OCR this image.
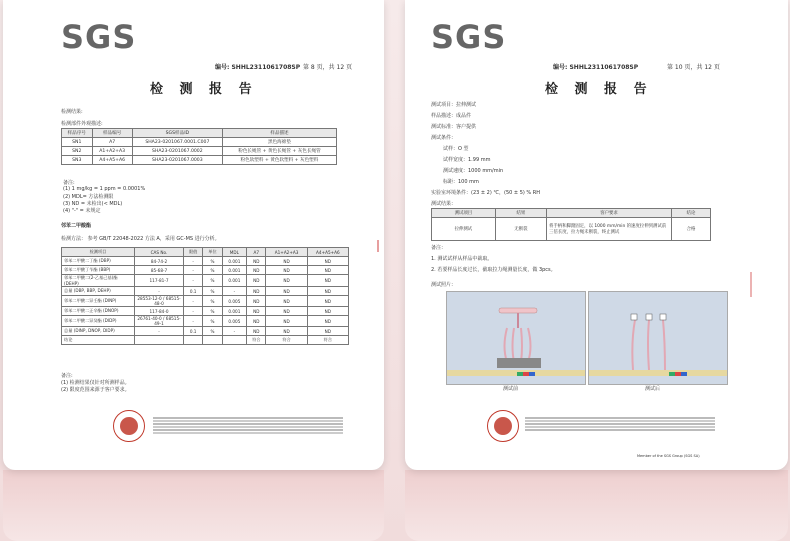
SGS
编号: SHHL2311061708SP 第 8 页，共 12 页
检 测 报 告
检测结果:
检测部件外观描述:
样品序号	样品编号	SGS样品ID	样品描述
SN1	A7	SHA23-0201067.0001.C007	黑色海绵垫
SN2	A1+A2+A3	SHA23-0201067.0002	粉色长绳管 + 黄色长绳管 + 灰色长绳管
SN3	A4+A5+A6	SHA23-0201067.0003	粉色软塑料 + 黄色软塑料 + 灰色塑料
备注:
(1) 1 mg/kg = 1 ppm = 0.0001%
(2) MDL= 方法检测限
(3) ND = 未检出(< MDL)
(4) "-" = 未规定
邻苯二甲酸酯
检测方法： 参考 GB/T 22048-2022 方法 A，采用 GC-MS 进行分析。
检测项目	CAS No.	限值	单位	MDL	A7	A1+A2+A3	A4+A5+A6
邻苯二甲酸二丁酯 (DBP)	84-74-2	-	%	0.001	ND	ND	ND
邻苯二甲酸丁苄酯 (BBP)	85-68-7	-	%	0.001	ND	ND	ND
邻苯二甲酸二(2-乙基己基)酯 (DEHP)	117-81-7	-	%	0.001	ND	ND	ND
总量 (DBP, BBP, DEHP)	-	0.1	%	-	ND	ND	ND
邻苯二甲酸二异壬酯 (DINP)	28553-12-0 / 68515-48-0	-	%	0.005	ND	ND	ND
邻苯二甲酸二正辛酯 (DNOP)	117-84-0	-	%	0.001	ND	ND	ND
邻苯二甲酸二异癸酯 (DIDP)	26761-40-0 / 68515-49-1	-	%	0.005	ND	ND	ND
总量 (DINP, DNOP, DIDP)	-	0.1	%	-	ND	ND	ND
结论					符合	符合	符合
备注:
(1) 检测结果仅针对所测样品。
(2) 限度范围来源于客户要求。
SGS
编号: SHHL2311061708SP	第 10 页，共 12 页
检 测 报 告
测试项目：拉伸测试
样品描述：成品件
测试标准：客户提供
测试条件：
试样：O 型
试样宽度：1.99 mm
测试速度：1000 mm/min
标距：100 mm
实验室环境条件：(23 ± 2) ℃，(50 ± 5) % RH
测试结果：
测试项目	结果	客户要求	结论
拉伸测试	无断裂	将手柄和脚蹬固定，以 1000 mm/min 的速度拉伸到测试前三倍长度，拉力绳未断裂，终止测试	合格
备注：
1. 测试试样从样品中裁取。
2. 若要样品长度过长，截取拉力绳测量长度，做 3pcs。
测试照片：
测试前	测试后
Member of the SGS Group (SGS SA)
